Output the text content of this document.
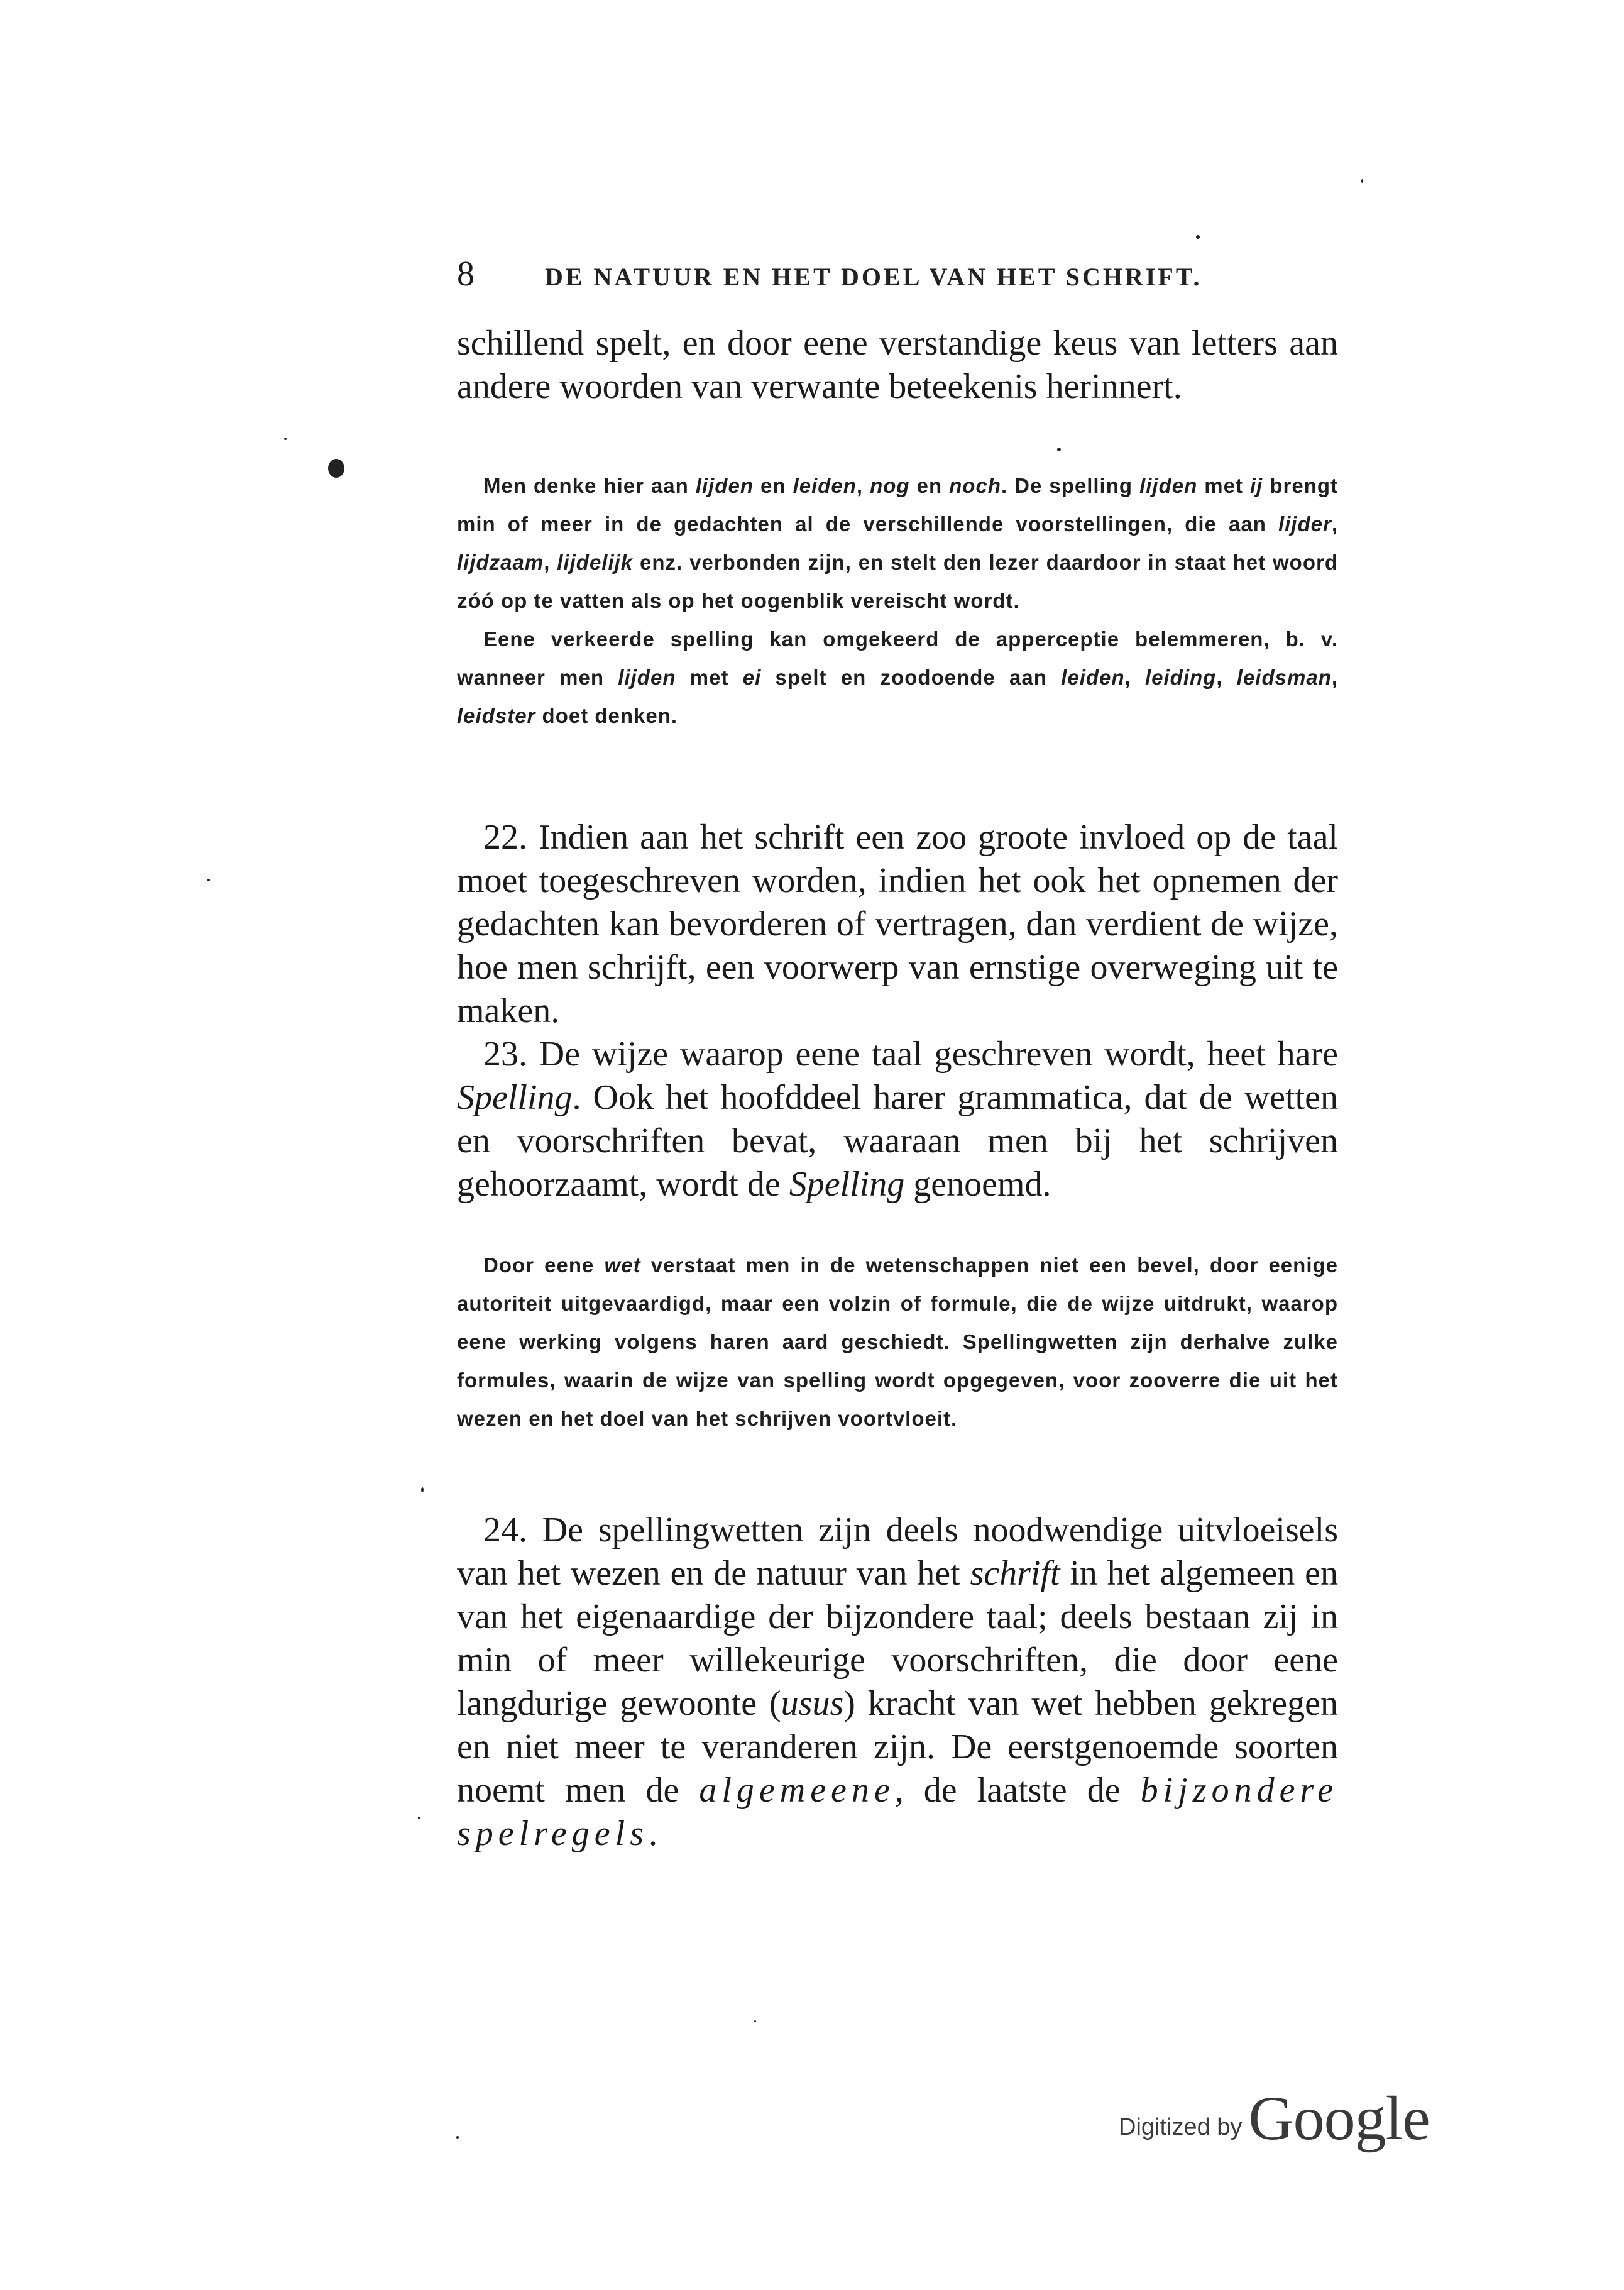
8	DE NATUUR EN HET DOEL VAN HET SCHRIFT.

schillend spelt, en door eene verstandige keus van letters aan andere woorden van verwante beteekenis herinnert.

Men denke hier aan lijden en leiden, nog en noch. De spelling lijden met ij brengt min of meer in de gedachten al de verschillende voorstellingen, die aan lijder, lijdzaam, lijdelijk enz. verbonden zijn, en stelt den lezer daardoor in staat het woord zóó op te vatten als op het oogenblik vereischt wordt.

Eene verkeerde spelling kan omgekeerd de apperceptie belemmeren, b. v. wanneer men lijden met ei spelt en zoodoende aan leiden, leiding, leidsman, leidster doet denken.

22. Indien aan het schrift een zoo groote invloed op de taal moet toegeschreven worden, indien het ook het opnemen der gedachten kan bevorderen of vertragen, dan verdient de wijze, hoe men schrijft, een voorwerp van ernstige overweging uit te maken.

23. De wijze waarop eene taal geschreven wordt, heet hare Spelling. Ook het hoofddeel harer grammatica, dat de wetten en voorschriften bevat, waaraan men bij het schrijven gehoorzaamt, wordt de Spelling genoemd.

Door eene wet verstaat men in de wetenschappen niet een bevel, door eenige autoriteit uitgevaardigd, maar een volzin of formule, die de wijze uitdrukt, waarop eene werking volgens haren aard geschiedt. Spellingwetten zijn derhalve zulke formules, waarin de wijze van spelling wordt opgegeven, voor zooverre die uit het wezen en het doel van het schrijven voortvloeit.

24. De spellingwetten zijn deels noodwendige uitvloeisels van het wezen en de natuur van het schrift in het algemeen en van het eigenaardige der bijzondere taal; deels bestaan zij in min of meer willekeurige voorschriften, die door eene langdurige gewoonte (usus) kracht van wet hebben gekregen en niet meer te veranderen zijn. De eerstgenoemde soorten noemt men de algemeene, de laatste de bijzondere spelregels.

Digitized by Google
